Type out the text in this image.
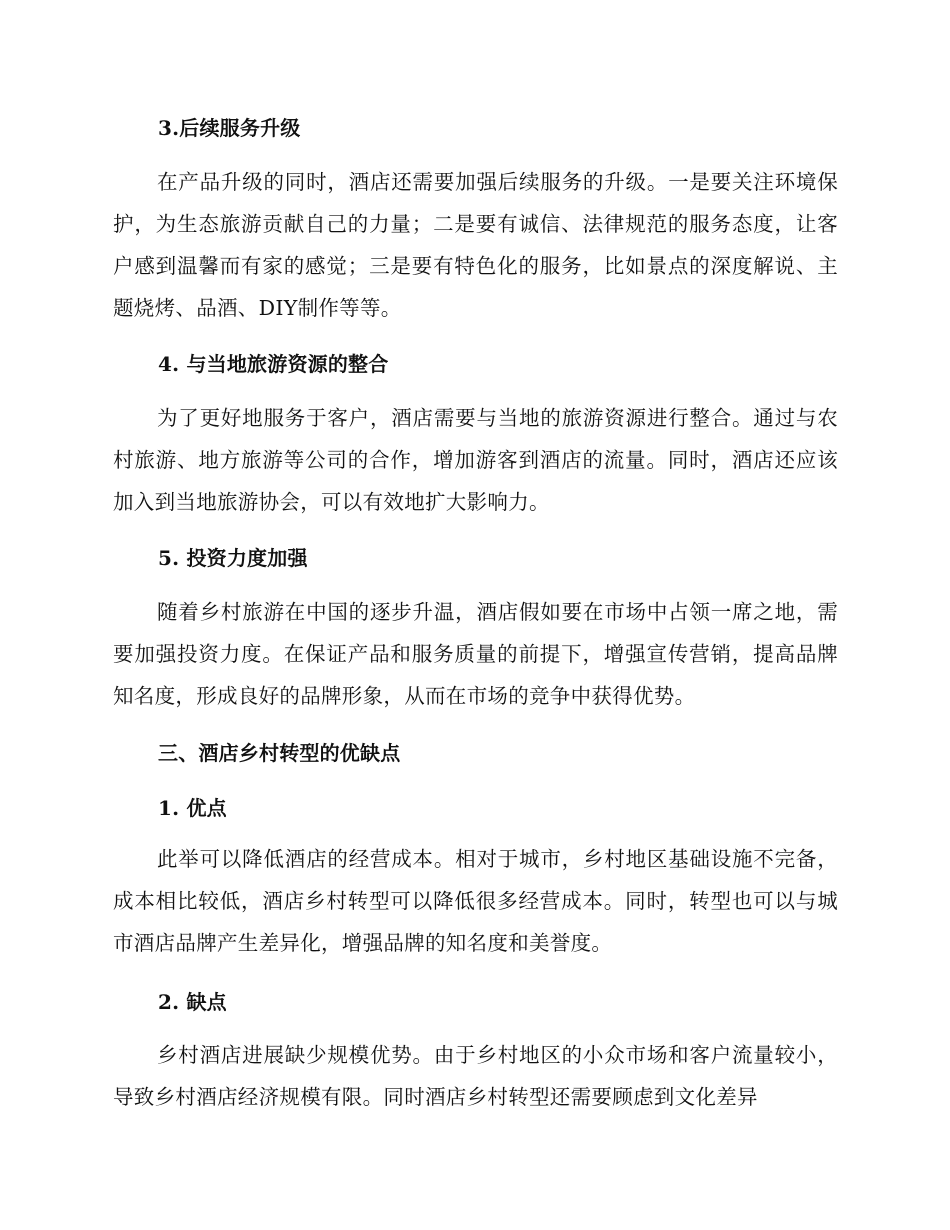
3.后续服务升级

在产品升级的同时，酒店还需要加强后续服务的升级。一是要关注环境保护，为生态旅游贡献自己的力量；二是要有诚信、法律规范的服务态度，让客户感到温馨而有家的感觉；三是要有特色化的服务，比如景点的深度解说、主题烧烤、品酒、DIY制作等等。

4. 与当地旅游资源的整合

为了更好地服务于客户，酒店需要与当地的旅游资源进行整合。通过与农村旅游、地方旅游等公司的合作，增加游客到酒店的流量。同时，酒店还应该加入到当地旅游协会，可以有效地扩大影响力。

5. 投资力度加强

随着乡村旅游在中国的逐步升温，酒店假如要在市场中占领一席之地，需要加强投资力度。在保证产品和服务质量的前提下，增强宣传营销，提高品牌知名度，形成良好的品牌形象，从而在市场的竞争中获得优势。

三、酒店乡村转型的优缺点
1. 优点

此举可以降低酒店的经营成本。相对于城市，乡村地区基础设施不完备，成本相比较低，酒店乡村转型可以降低很多经营成本。同时，转型也可以与城市酒店品牌产生差异化，增强品牌的知名度和美誉度。

2. 缺点

乡村酒店进展缺少规模优势。由于乡村地区的小众市场和客户流量较小，导致乡村酒店经济规模有限。同时酒店乡村转型还需要顾虑到文化差异
